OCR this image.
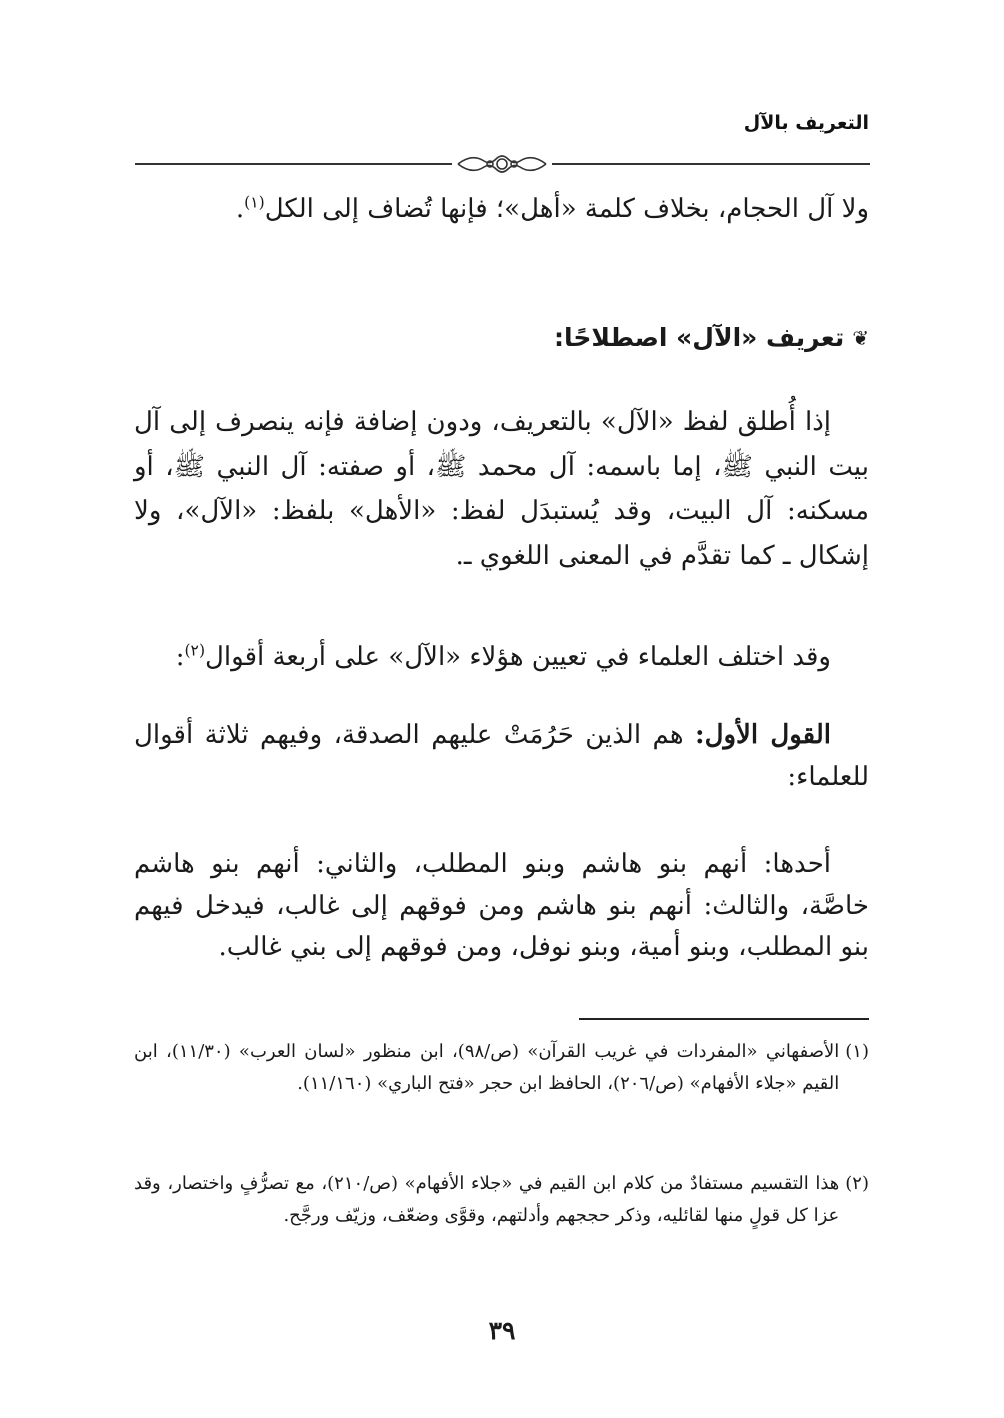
التعريف بالآل

ولا آل الحجام، بخلاف كلمة «أهل»؛ فإنها تُضاف إلى الكل$^{(١)}$.

❦
تعريف «الآل» اصطلاحًا:

إذا أُطلق لفظ «الآل» بالتعريف، ودون إضافة فإنه ينصرف إلى آل بيت النبي ﷺ، إما باسمه: آل محمد ﷺ، أو صفته: آل النبي ﷺ، أو مسكنه: آل البيت، وقد يُستبدَل لفظ: «الأهل» بلفظ: «الآل»، ولا إشكال ـ كما تقدَّم في المعنى اللغوي ـ.

وقد اختلف العلماء في تعيين هؤلاء «الآل» على أربعة أقوال$^{(٢)}$:

القول الأول: هم الذين حَرُمَتْ عليهم الصدقة، وفيهم ثلاثة أقوال للعلماء:

أحدها: أنهم بنو هاشم وبنو المطلب، والثاني: أنهم بنو هاشم خاصَّة، والثالث: أنهم بنو هاشم ومن فوقهم إلى غالب، فيدخل فيهم بنو المطلب، وبنو أمية، وبنو نوفل، ومن فوقهم إلى بني غالب.

(١)
الأصفهاني «المفردات في غريب القرآن» (ص/٩٨)، ابن منظور «لسان العرب» (١١/٣٠)، ابن القيم «جلاء الأفهام» (ص/٢٠٦)، الحافظ ابن حجر «فتح الباري» (١١/١٦٠).
(٢)
هذا التقسيم مستفادٌ من كلام ابن القيم في «جلاء الأفهام» (ص/٢١٠)، مع تصرُّفٍ واختصار، وقد عزا كل قولٍ منها لقائليه، وذكر حججهم وأدلتهم، وقوَّى وضعّف، وزيّف ورجَّح.
٣٩
